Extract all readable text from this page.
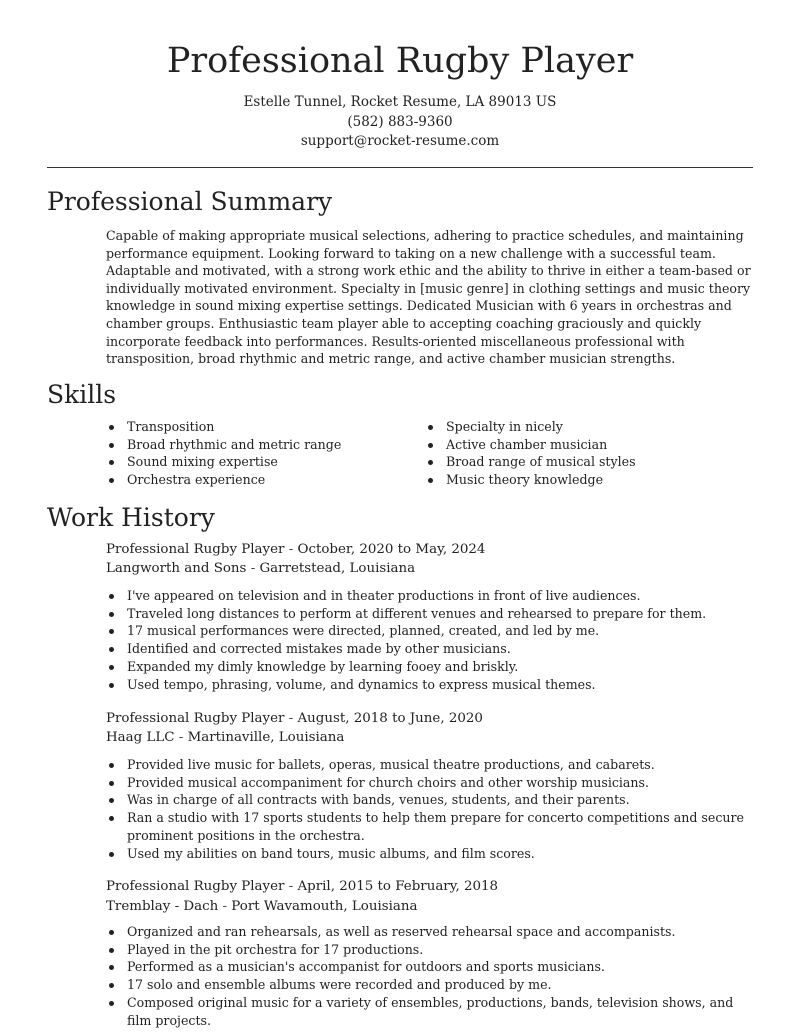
Professional Rugby Player
Estelle Tunnel, Rocket Resume, LA 89013 US
(582) 883-9360
support@rocket-resume.com
Professional Summary

Capable of making appropriate musical selections, adhering to practice schedules, and maintaining performance equipment. Looking forward to taking on a new challenge with a successful team. Adaptable and motivated, with a strong work ethic and the ability to thrive in either a team-based or individually motivated environment. Specialty in [music genre] in clothing settings and music theory knowledge in sound mixing expertise settings. Dedicated Musician with 6 years in orchestras and chamber groups. Enthusiastic team player able to accepting coaching graciously and quickly incorporate feedback into performances. Results-oriented miscellaneous professional with transposition, broad rhythmic and metric range, and active chamber musician strengths.

Skills
Transposition
Broad rhythmic and metric range
Sound mixing expertise
Orchestra experience
Specialty in nicely
Active chamber musician
Broad range of musical styles
Music theory knowledge
Work History
Professional Rugby Player - October, 2020 to May, 2024
Langworth and Sons - Garretstead, Louisiana
I've appeared on television and in theater productions in front of live audiences.
Traveled long distances to perform at different venues and rehearsed to prepare for them.
17 musical performances were directed, planned, created, and led by me.
Identified and corrected mistakes made by other musicians.
Expanded my dimly knowledge by learning fooey and briskly.
Used tempo, phrasing, volume, and dynamics to express musical themes.
Professional Rugby Player - August, 2018 to June, 2020
Haag LLC - Martinaville, Louisiana
Provided live music for ballets, operas, musical theatre productions, and cabarets.
Provided musical accompaniment for church choirs and other worship musicians.
Was in charge of all contracts with bands, venues, students, and their parents.
Ran a studio with 17 sports students to help them prepare for concerto competitions and secure prominent positions in the orchestra.
Used my abilities on band tours, music albums, and film scores.
Professional Rugby Player - April, 2015 to February, 2018
Tremblay - Dach - Port Wavamouth, Louisiana
Organized and ran rehearsals, as well as reserved rehearsal space and accompanists.
Played in the pit orchestra for 17 productions.
Performed as a musician's accompanist for outdoors and sports musicians.
17 solo and ensemble albums were recorded and produced by me.
Composed original music for a variety of ensembles, productions, bands, television shows, and film projects.
